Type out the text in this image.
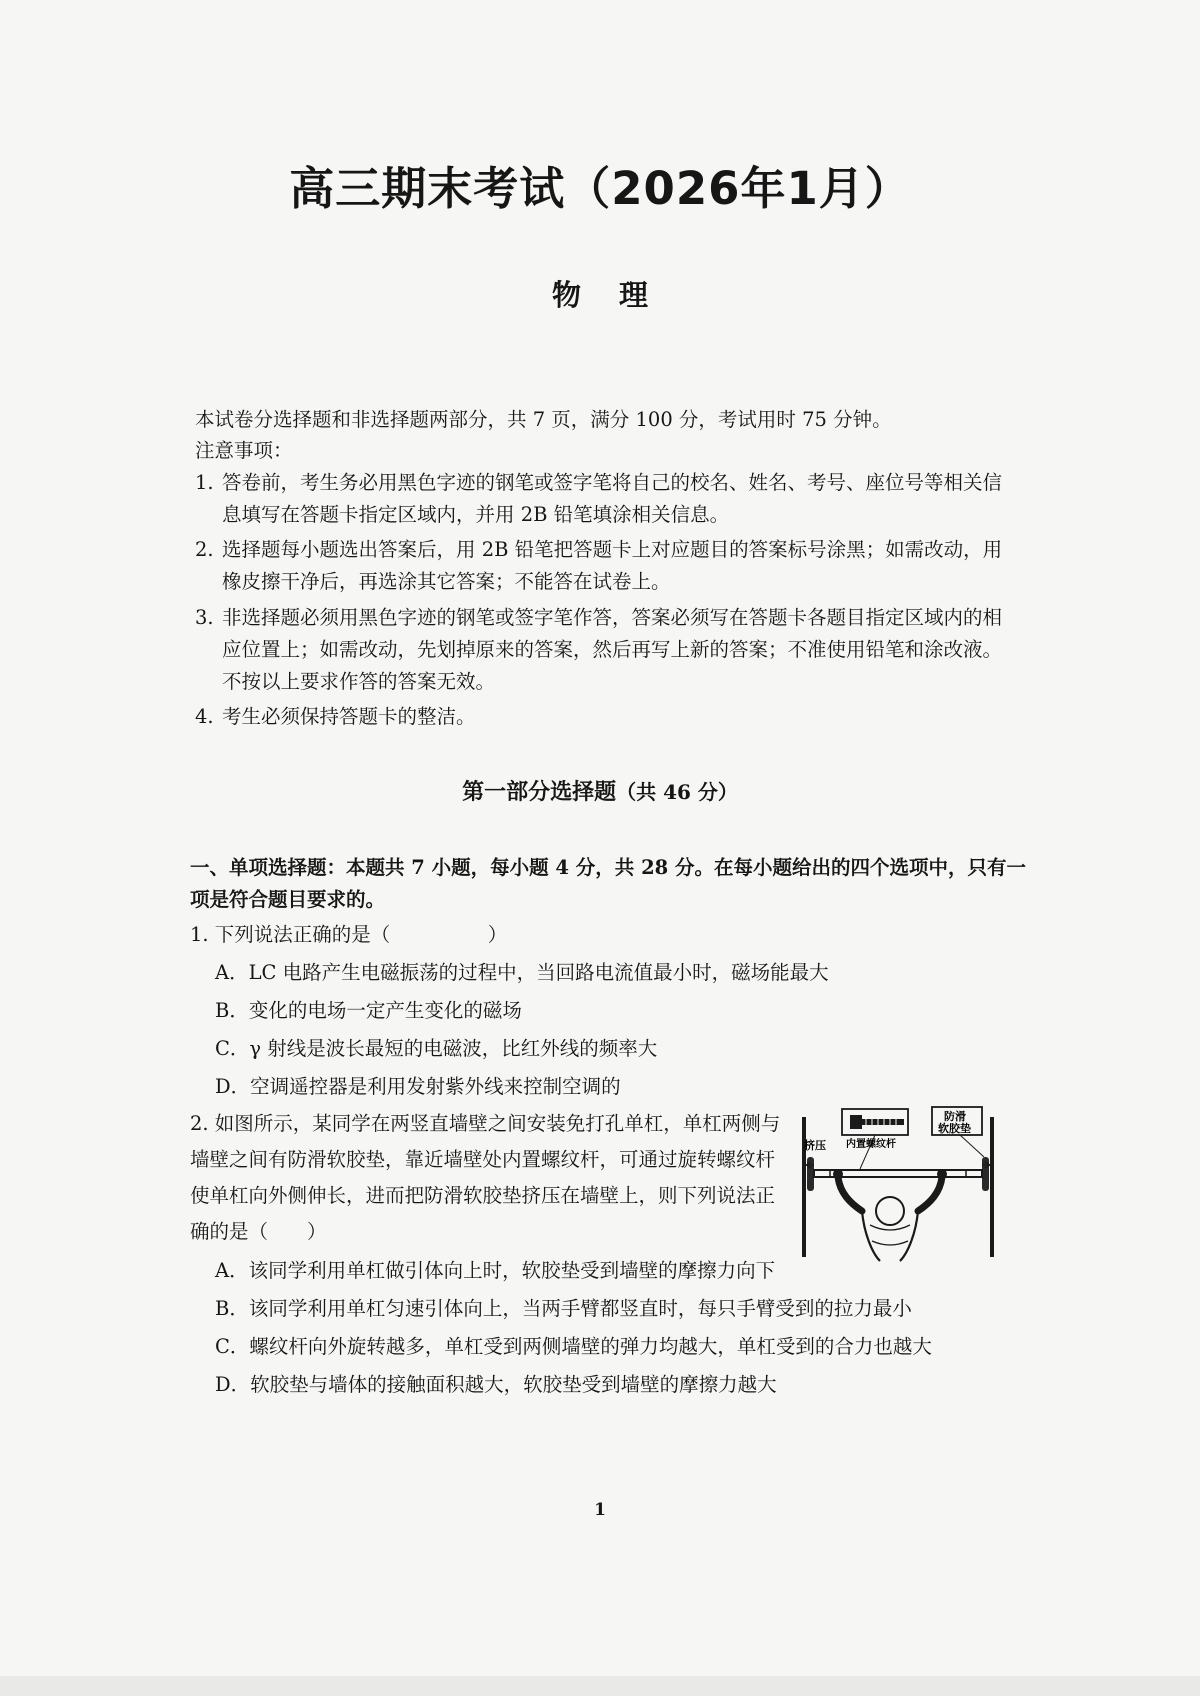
高三期末考试（2026年1月）
物 理
本试卷分选择题和非选择题两部分，共 7 页，满分 100 分，考试用时 75 分钟。
注意事项：
1. 答卷前，考生务必用黑色字迹的钢笔或签字笔将自己的校名、姓名、考号、座位号等相关信
息填写在答题卡指定区域内，并用 2B 铅笔填涂相关信息。
2. 选择题每小题选出答案后，用 2B 铅笔把答题卡上对应题目的答案标号涂黑；如需改动，用
橡皮擦干净后，再选涂其它答案；不能答在试卷上。
3. 非选择题必须用黑色字迹的钢笔或签字笔作答，答案必须写在答题卡各题目指定区域内的相
应位置上；如需改动，先划掉原来的答案，然后再写上新的答案；不准使用铅笔和涂改液。
不按以上要求作答的答案无效。
4. 考生必须保持答题卡的整洁。
第一部分选择题（共 46 分）
一、单项选择题：本题共 7 小题，每小题 4 分，共 28 分。在每小题给出的四个选项中，只有一
项是符合题目要求的。
1. 下列说法正确的是（　　　　　）
A．LC 电路产生电磁振荡的过程中，当回路电流值最小时，磁场能最大
B．变化的电场一定产生变化的磁场
C．γ 射线是波长最短的电磁波，比红外线的频率大
D．空调遥控器是利用发射紫外线来控制空调的
2. 如图所示，某同学在两竖直墙壁之间安装免打孔单杠，单杠两侧与
墙壁之间有防滑软胶垫，靠近墙壁处内置螺纹杆，可通过旋转螺纹杆
使单杠向外侧伸长，进而把防滑软胶垫挤压在墙壁上，则下列说法正
确的是（　　）
挤压 内置螺纹杆
防滑
软胶垫
A．该同学利用单杠做引体向上时，软胶垫受到墙壁的摩擦力向下
B．该同学利用单杠匀速引体向上，当两手臂都竖直时，每只手臂受到的拉力最小
C．螺纹杆向外旋转越多，单杠受到两侧墙壁的弹力均越大，单杠受到的合力也越大
D．软胶垫与墙体的接触面积越大，软胶垫受到墙壁的摩擦力越大
1
